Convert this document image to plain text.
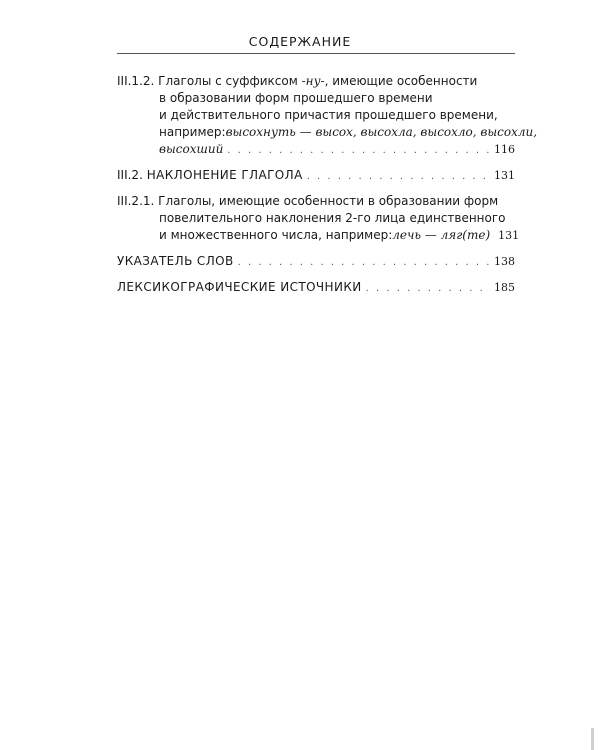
СОДЕРЖАНИЕ
III.1.2. Глаголы с суффиксом -ну-, имеющие особенности
в образовании форм прошедшего времени
и действительного причастия прошедшего времени,
например: высохнуть — высох, высохла, высохло, высохли,
высохший . . .	116
III.2.
НАКЛОНЕНИЕ ГЛАГОЛА . . .	131
III.2.1.
Глаголы, имеющие особенности в образовании форм
повелительного наклонения 2-го лица единственного
и множественного числа, например: лечь — ляг(те) 131
УКАЗАТЕЛЬ СЛОВ . . .	138
ЛЕКСИКОГРАФИЧЕСКИЕ ИСТОЧНИКИ . . .	185
